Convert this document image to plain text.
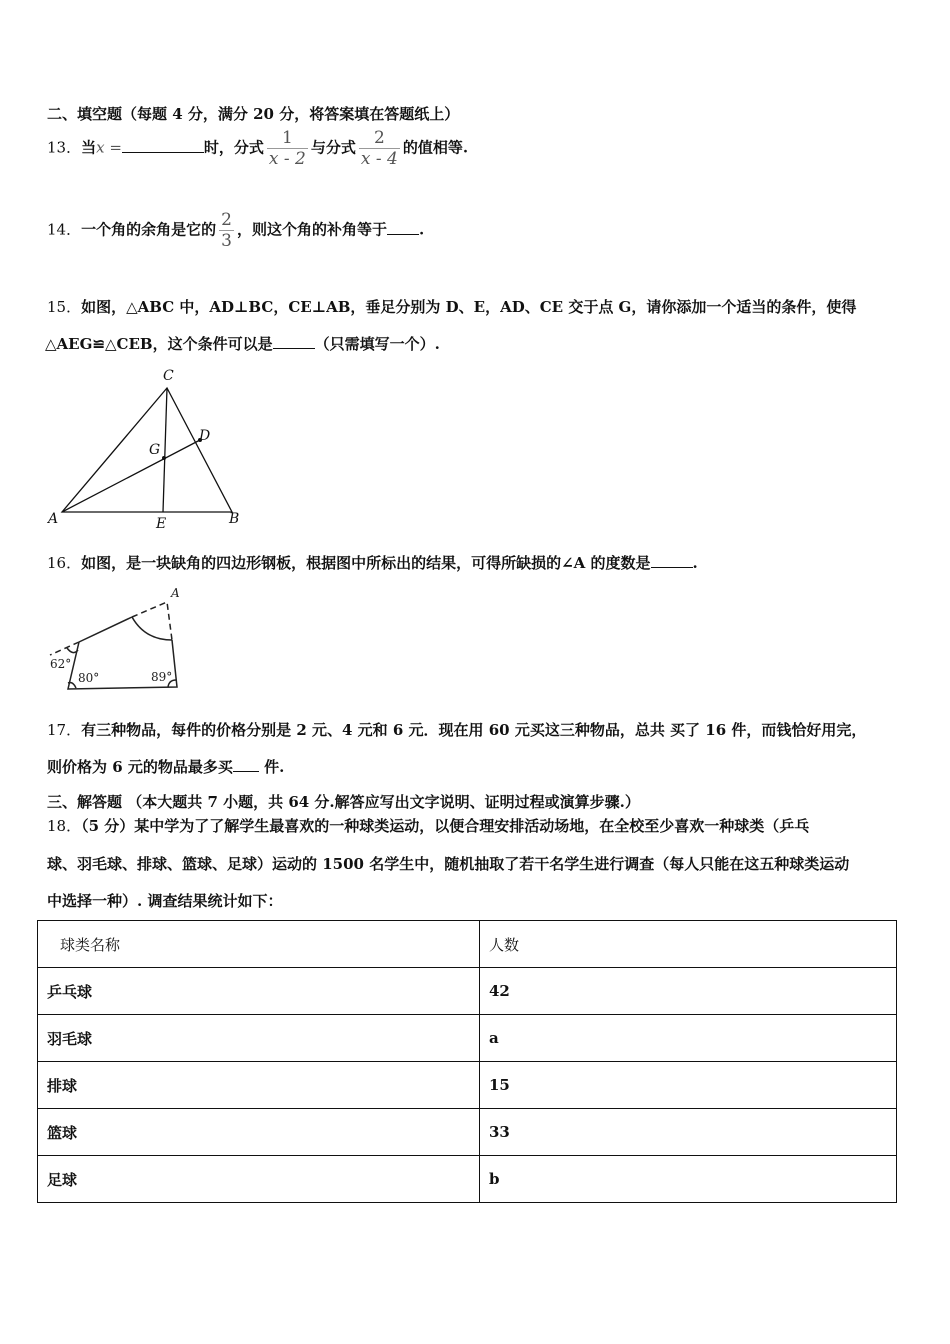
二、填空题（每题 4 分，满分 20 分，将答案填在答题纸上）
13．当x =	时，分式 $\frac{1}{x - 2}$ 与分式 $\frac{2}{x - 4}$ 的值相等.
14．一个角的余角是它的 $\frac{2}{3}$ ，则这个角的补角等于 .
15．如图，△ABC 中，AD⊥BC，CE⊥AB，垂足分别为 D、E，AD、CE 交于点 G，请你添加一个适当的条件，使得
△AEG≌△CEB，这个条件可以是	（只需填写一个）.
C
A	B
E
G
D
16．如图，是一块缺角的四边形钢板，根据图中所标出的结果，可得所缺损的∠A 的度数是	.
A
62°
80°	89°
17．有三种物品，每件的价格分别是 2 元、4 元和 6 元．现在用 60 元买这三种物品，总共 买了 16 件，而钱恰好用完，
则价格为 6 元的物品最多买 件.
三、解答题 （本大题共 7 小题，共 64 分.解答应写出文字说明、证明过程或演算步骤.）
18．（5 分）某中学为了了解学生最喜欢的一种球类运动，以便合理安排活动场地，在全校至少喜欢一种球类（乒乓
球、羽毛球、排球、篮球、足球）运动的 1500 名学生中，随机抽取了若干名学生进行调查（每人只能在这五种球类运动
中选择一种）. 调查结果统计如下：
球类名称	人数
乒乓球	42
羽毛球	a
排球	15
篮球	33
足球	b
